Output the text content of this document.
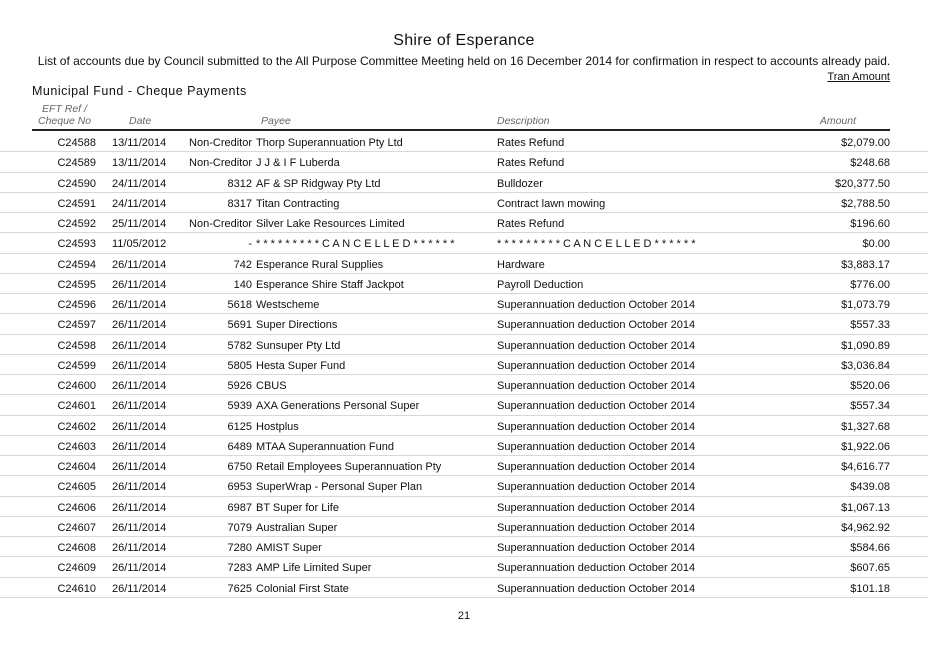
Shire of Esperance
List of accounts due by Council submitted to the All Purpose Committee Meeting held on 16 December 2014 for confirmation in respect to accounts already paid.
Tran Amount
Municipal Fund - Cheque Payments
EFT Ref /
Cheque No	Date	Payee	Description	Amount
C24588 13/11/2014	Non-Creditor Thorp Superannuation Pty Ltd	Rates Refund	$2,079.00
C24589 13/11/2014	Non-Creditor J J & I F Luberda	Rates Refund	$248.68
C24590 24/11/2014	8312 AF & SP Ridgway Pty Ltd	Bulldozer	$20,377.50
C24591 24/11/2014	8317 Titan Contracting	Contract lawn mowing	$2,788.50
C24592 25/11/2014	Non-Creditor Silver Lake Resources Limited	Rates Refund	$196.60
C24593 11/05/2012	- * * * * * * * * * C A N C E L L E D * * * * * *	* * * * * * * * * C A N C E L L E D * * * * * *	$0.00
C24594 26/11/2014	742 Esperance Rural Supplies	Hardware	$3,883.17
C24595 26/11/2014	140 Esperance Shire Staff Jackpot	Payroll Deduction	$776.00
C24596 26/11/2014	5618 Westscheme	Superannuation deduction October 2014	$1,073.79
C24597 26/11/2014	5691 Super Directions	Superannuation deduction October 2014	$557.33
C24598 26/11/2014	5782 Sunsuper Pty Ltd	Superannuation deduction October 2014	$1,090.89
C24599 26/11/2014	5805 Hesta Super Fund	Superannuation deduction October 2014	$3,036.84
C24600 26/11/2014	5926 CBUS	Superannuation deduction October 2014	$520.06
C24601 26/11/2014	5939 AXA Generations Personal Super	Superannuation deduction October 2014	$557.34
C24602 26/11/2014	6125 Hostplus	Superannuation deduction October 2014	$1,327.68
C24603 26/11/2014	6489 MTAA Superannuation Fund	Superannuation deduction October 2014	$1,922.06
C24604 26/11/2014	6750 Retail Employees Superannuation Pty	Superannuation deduction October 2014	$4,616.77
C24605 26/11/2014	6953 SuperWrap - Personal Super Plan	Superannuation deduction October 2014	$439.08
C24606 26/11/2014	6987 BT Super for Life	Superannuation deduction October 2014	$1,067.13
C24607 26/11/2014	7079 Australian Super	Superannuation deduction October 2014	$4,962.92
C24608 26/11/2014	7280 AMIST Super	Superannuation deduction October 2014	$584.66
C24609 26/11/2014	7283 AMP Life Limited Super	Superannuation deduction October 2014	$607.65
C24610 26/11/2014	7625 Colonial First State	Superannuation deduction October 2014	$101.18
21
